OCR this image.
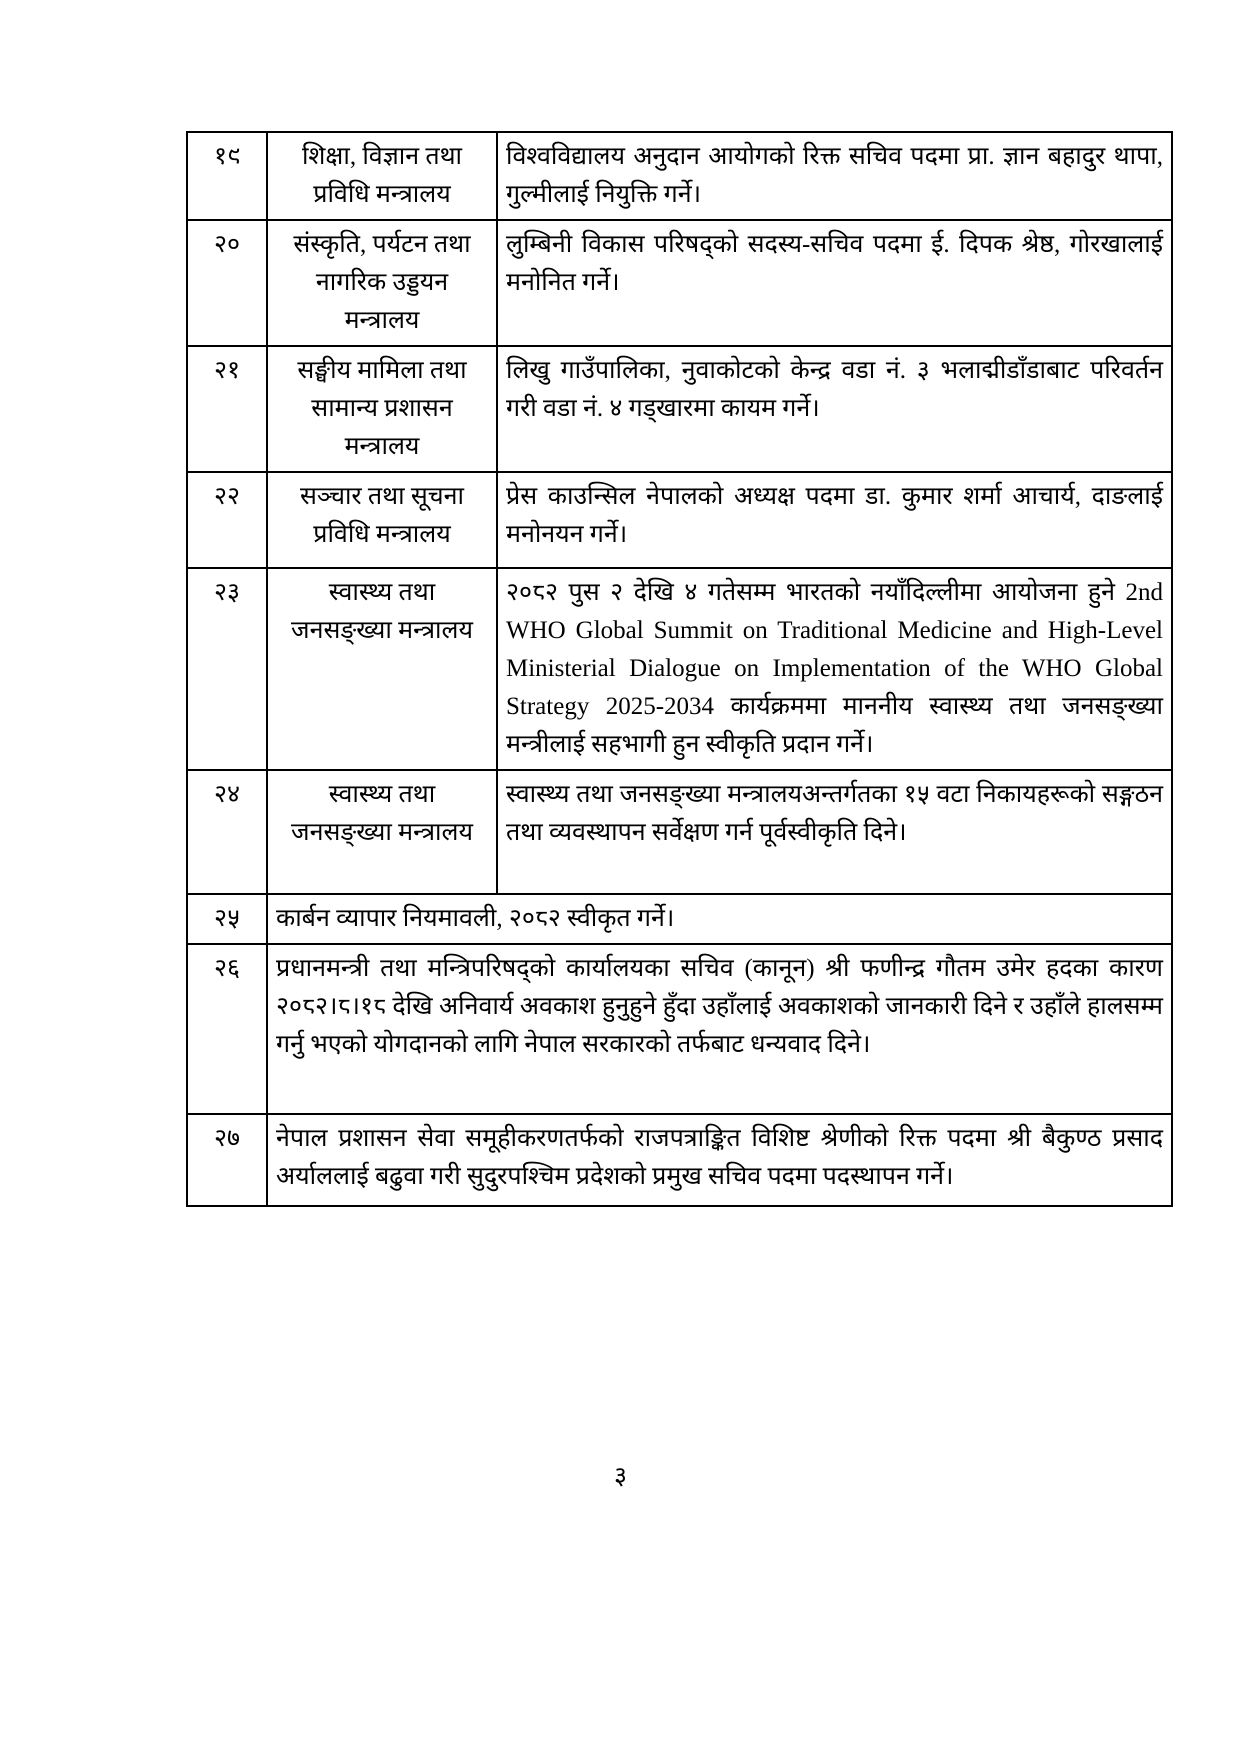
१९	शिक्षा, विज्ञान तथा प्रविधि मन्त्रालय	विश्वविद्यालय अनुदान आयोगको रिक्त सचिव पदमा प्रा. ज्ञान बहादुर थापा, गुल्मीलाई नियुक्ति गर्ने।
२०	संस्कृति, पर्यटन तथा नागरिक उड्डयन मन्त्रालय	लुम्बिनी विकास परिषद्‌को सदस्य-सचिव पदमा ई. दिपक श्रेष्ठ, गोरखालाई मनोनित गर्ने।
२१	सङ्घीय मामिला तथा सामान्य प्रशासन मन्त्रालय	लिखु गाउँपालिका, नुवाकोटको केन्द्र वडा नं. ३ भलाद्मीडाँडाबाट परिवर्तन गरी वडा नं. ४ गड्खारमा कायम गर्ने।
२२	सञ्चार तथा सूचना प्रविधि मन्त्रालय	प्रेस काउन्सिल नेपालको अध्यक्ष पदमा डा. कुमार शर्मा आचार्य, दाङलाई मनोनयन गर्ने।
२३	स्वास्थ्य तथा जनसङ्ख्या मन्त्रालय	२०८२ पुस २ देखि ४ गतेसम्म भारतको नयाँदिल्लीमा आयोजना हुने 2nd WHO Global Summit on Traditional Medicine and High-Level Ministerial Dialogue on Implementation of the WHO Global Strategy 2025-2034 कार्यक्रममा माननीय स्वास्थ्य तथा जनसङ्ख्या मन्त्रीलाई सहभागी हुन स्वीकृति प्रदान गर्ने।
२४	स्वास्थ्य तथा जनसङ्ख्या मन्त्रालय	स्वास्थ्य तथा जनसङ्ख्या मन्त्रालयअन्तर्गतका १५ वटा निकायहरूको सङ्गठन तथा व्यवस्थापन सर्वेक्षण गर्न पूर्वस्वीकृति दिने।
२५	कार्बन व्यापार नियमावली, २०८२ स्वीकृत गर्ने।	
२६	प्रधानमन्त्री तथा मन्त्रिपरिषद्‌को कार्यालयका सचिव (कानून) श्री फणीन्द्र गौतम उमेर हदका कारण २०८२।८।१८ देखि अनिवार्य अवकाश हुनुहुने हुँदा उहाँलाई अवकाशको जानकारी दिने र उहाँले हालसम्म गर्नु भएको योगदानको लागि नेपाल सरकारको तर्फबाट धन्यवाद दिने।	
२७	नेपाल प्रशासन सेवा समूहीकरणतर्फको राजपत्राङ्कित विशिष्ट श्रेणीको रिक्त पदमा श्री बैकुण्ठ प्रसाद अर्याललाई बढुवा गरी सुदुरपश्चिम प्रदेशको प्रमुख सचिव पदमा पदस्थापन गर्ने।	
३
